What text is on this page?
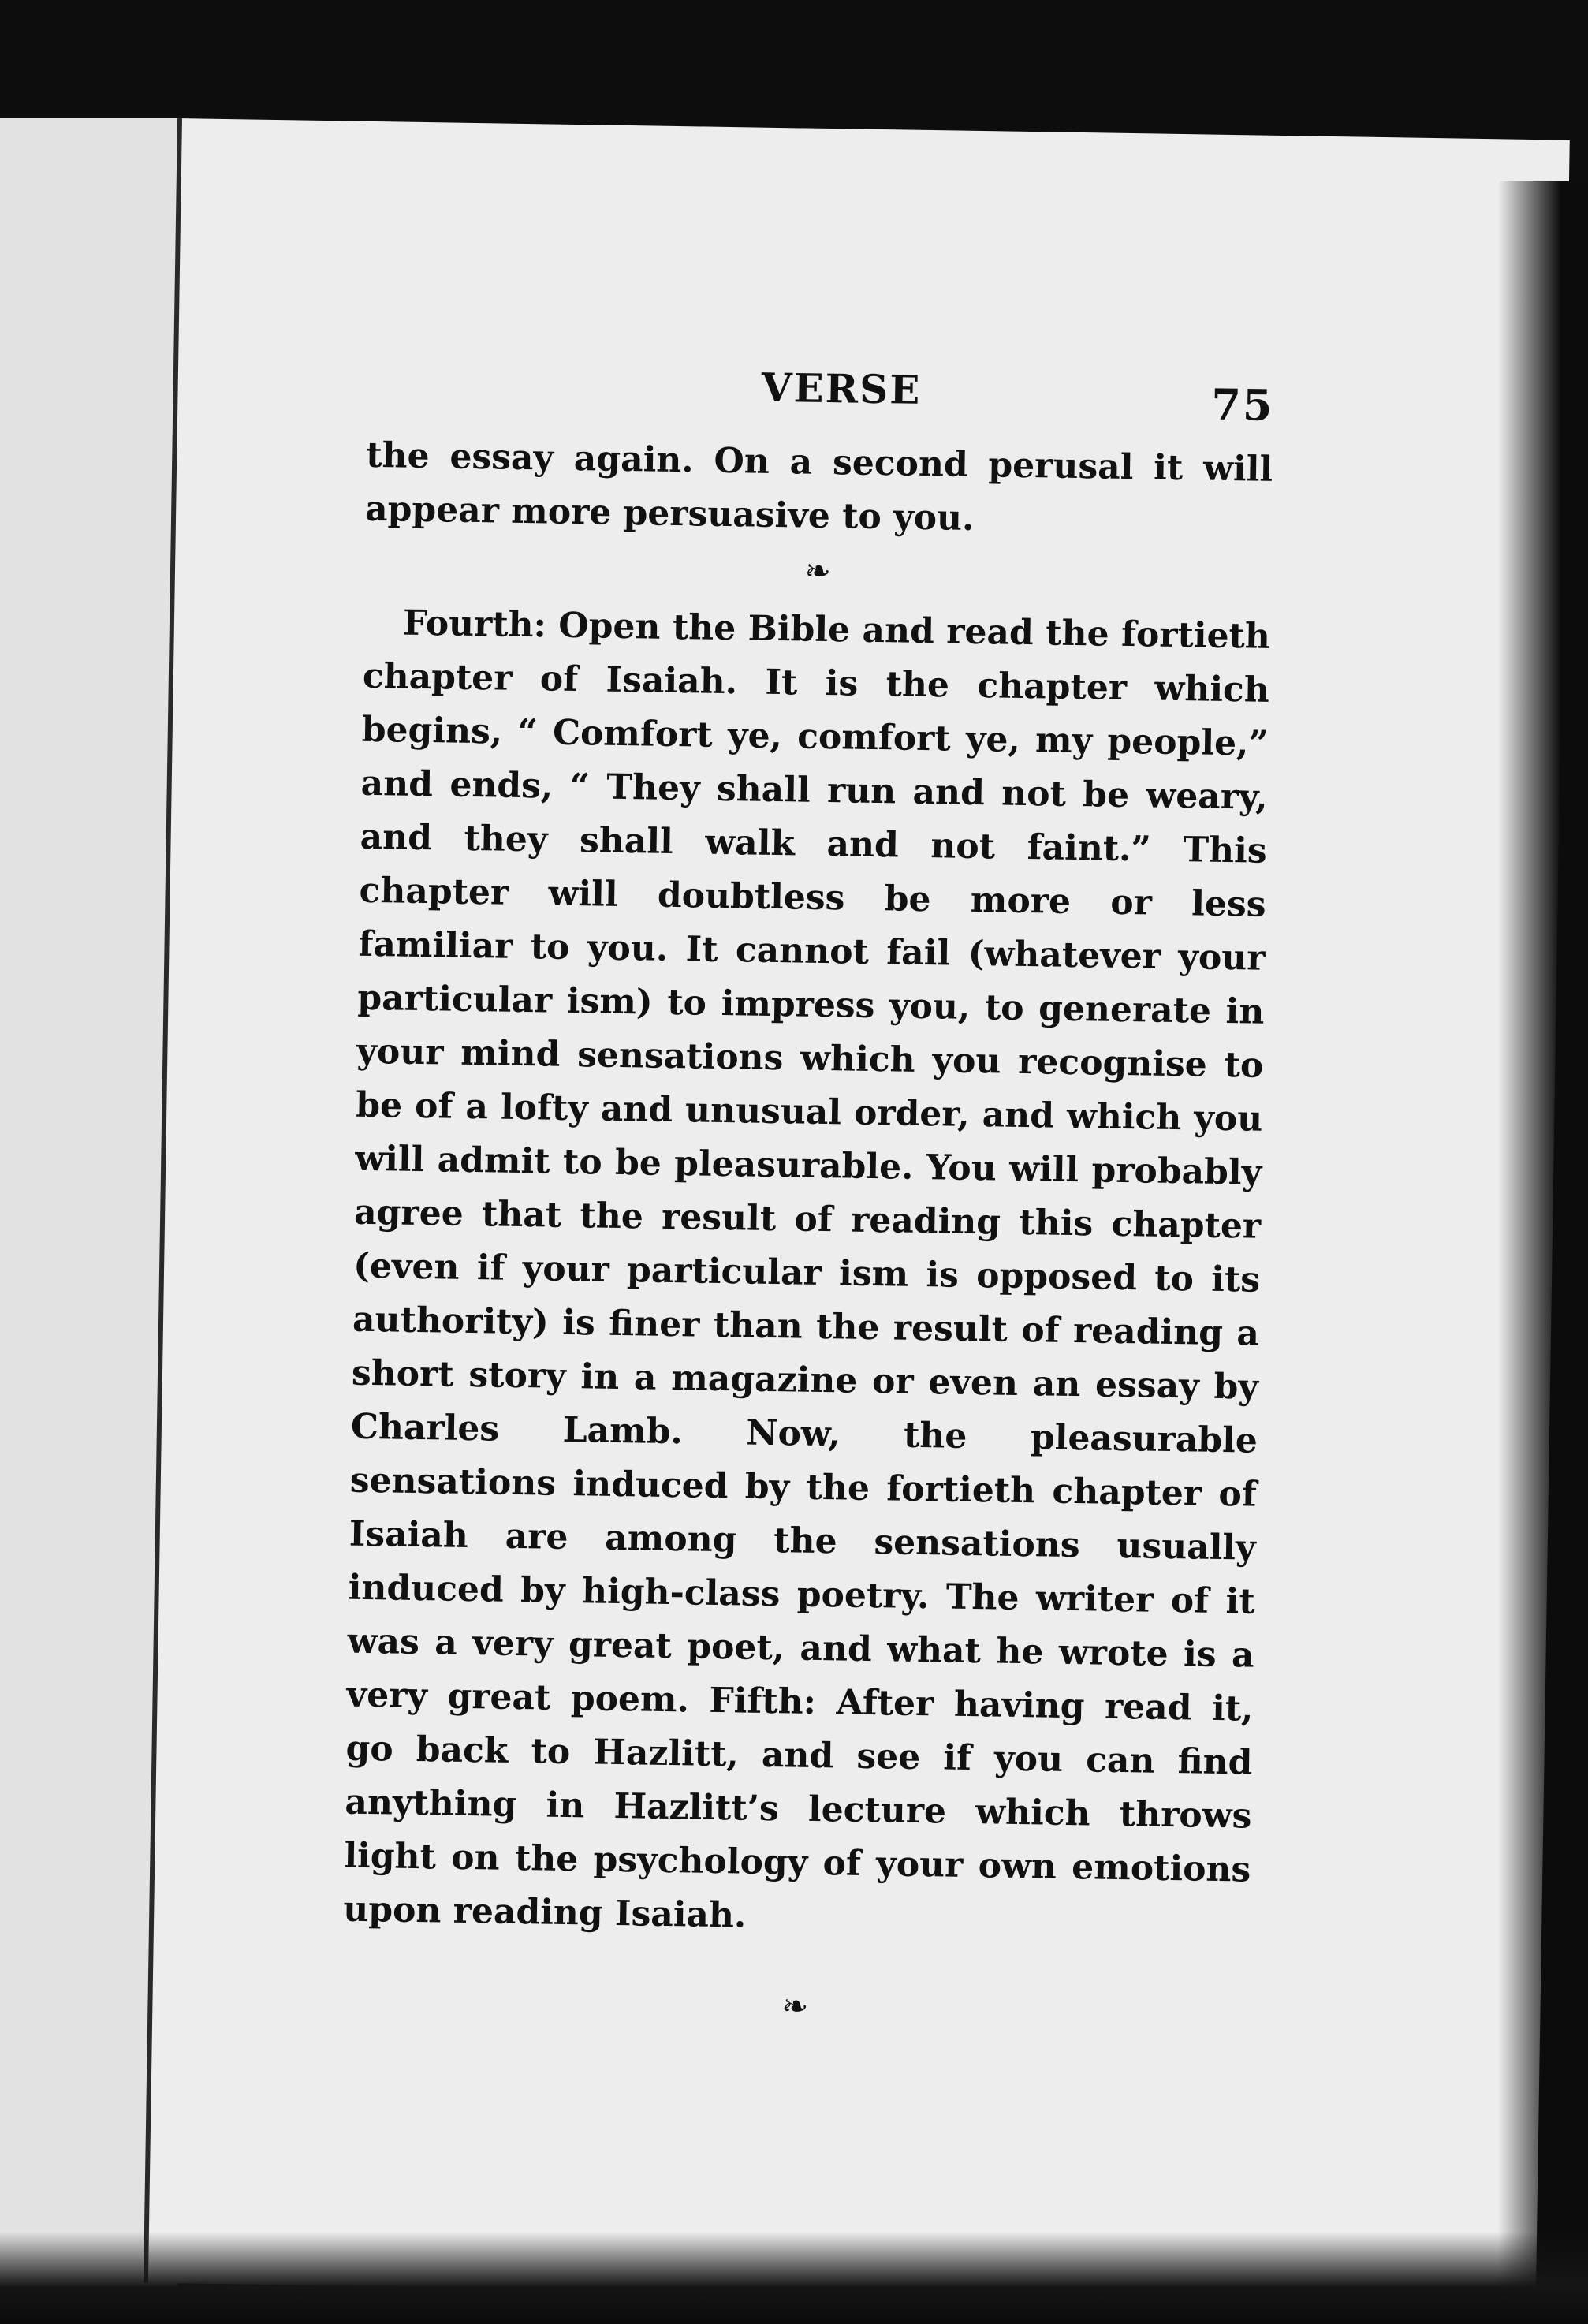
VERSE	75

the essay again. On a second perusal it will appear more persuasive to you.

❧

Fourth: Open the Bible and read the fortieth chapter of Isaiah. It is the chapter which begins, “ Comfort ye, comfort ye, my people,” and ends, “ They shall run and not be weary, and they shall walk and not faint.” This chapter will doubtless be more or less familiar to you. It cannot fail (whatever your particular ism) to impress you, to generate in your mind sensations which you recognise to be of a lofty and unusual order, and which you will admit to be pleasurable. You will probably agree that the result of reading this chapter (even if your particular ism is opposed to its authority) is finer than the result of reading a short story in a magazine or even an essay by Charles Lamb. Now, the pleasurable sensations induced by the fortieth chapter of Isaiah are among the sensations usually induced by high-class poetry. The writer of it was a very great poet, and what he wrote is a very great poem. Fifth: After having read it, go back to Hazlitt, and see if you can find anything in Hazlitt’s lecture which throws light on the psychology of your own emotions upon reading Isaiah.

❧
